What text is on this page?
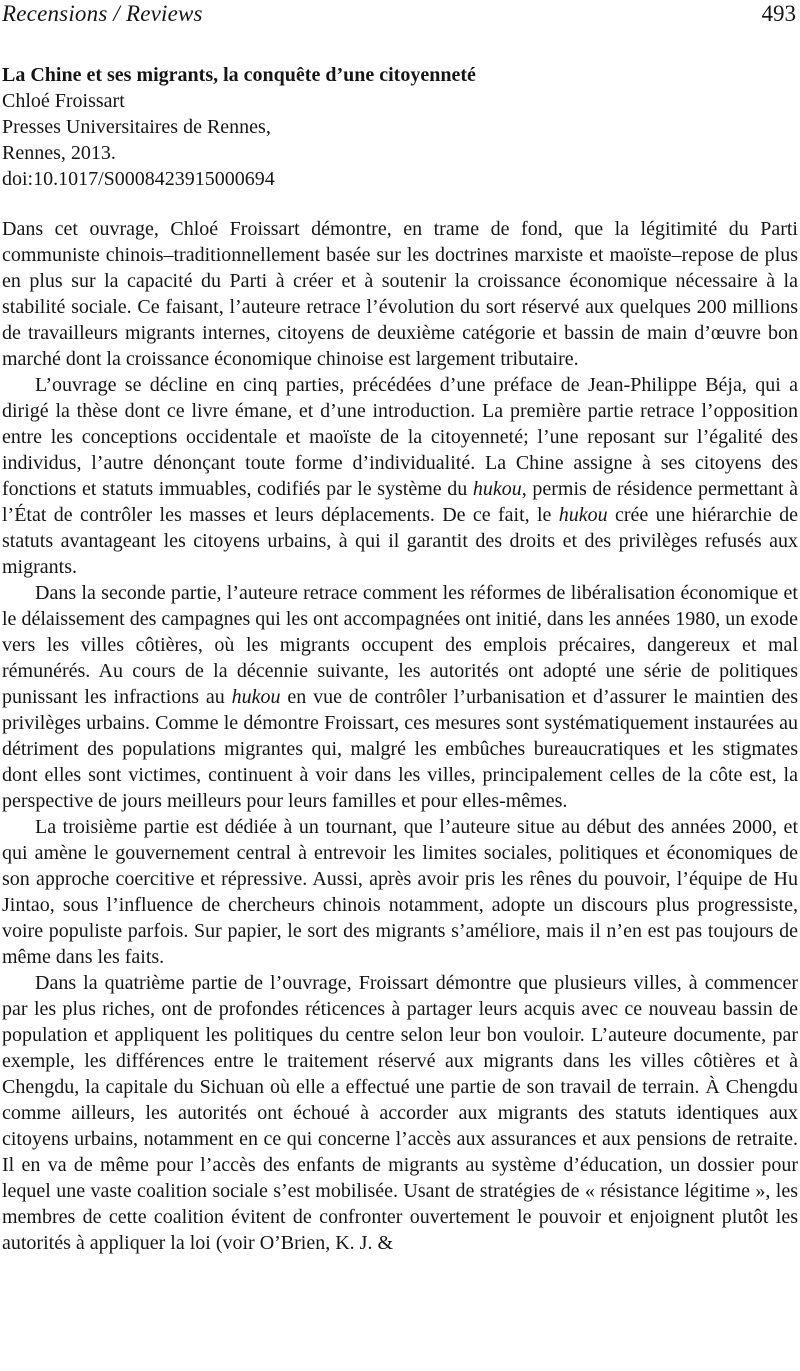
Recensions / Reviews	493
La Chine et ses migrants, la conquête d’une citoyenneté
Chloé Froissart
Presses Universitaires de Rennes,
Rennes, 2013.
doi:10.1017/S0008423915000694

Dans cet ouvrage, Chloé Froissart démontre, en trame de fond, que la légitimité du Parti communiste chinois–traditionnellement basée sur les doctrines marxiste et maoïste–repose de plus en plus sur la capacité du Parti à créer et à soutenir la croissance économique nécessaire à la stabilité sociale. Ce faisant, l’auteure retrace l’évolution du sort réservé aux quelques 200 millions de travailleurs migrants internes, citoyens de deuxième catégorie et bassin de main d’œuvre bon marché dont la croissance économique chinoise est largement tributaire.

L’ouvrage se décline en cinq parties, précédées d’une préface de Jean-Philippe Béja, qui a dirigé la thèse dont ce livre émane, et d’une introduction. La première partie retrace l’opposition entre les conceptions occidentale et maoïste de la citoyenneté; l’une reposant sur l’égalité des individus, l’autre dénonçant toute forme d’individualité. La Chine assigne à ses citoyens des fonctions et statuts immuables, codifiés par le système du hukou, permis de résidence permettant à l’État de contrôler les masses et leurs déplacements. De ce fait, le hukou crée une hiérarchie de statuts avantageant les citoyens urbains, à qui il garantit des droits et des privilèges refusés aux migrants.

Dans la seconde partie, l’auteure retrace comment les réformes de libéralisation économique et le délaissement des campagnes qui les ont accompagnées ont initié, dans les années 1980, un exode vers les villes côtières, où les migrants occupent des emplois précaires, dangereux et mal rémunérés. Au cours de la décennie suivante, les autorités ont adopté une série de politiques punissant les infractions au hukou en vue de contrôler l’urbanisation et d’assurer le maintien des privilèges urbains. Comme le démontre Froissart, ces mesures sont systématiquement instaurées au détriment des populations migrantes qui, malgré les embûches bureaucratiques et les stigmates dont elles sont victimes, continuent à voir dans les villes, principalement celles de la côte est, la perspective de jours meilleurs pour leurs familles et pour elles-mêmes.

La troisième partie est dédiée à un tournant, que l’auteure situe au début des années 2000, et qui amène le gouvernement central à entrevoir les limites sociales, politiques et économiques de son approche coercitive et répressive. Aussi, après avoir pris les rênes du pouvoir, l’équipe de Hu Jintao, sous l’influence de chercheurs chinois notamment, adopte un discours plus progressiste, voire populiste parfois. Sur papier, le sort des migrants s’améliore, mais il n’en est pas toujours de même dans les faits.

Dans la quatrième partie de l’ouvrage, Froissart démontre que plusieurs villes, à commencer par les plus riches, ont de profondes réticences à partager leurs acquis avec ce nouveau bassin de population et appliquent les politiques du centre selon leur bon vouloir. L’auteure documente, par exemple, les différences entre le traitement réservé aux migrants dans les villes côtières et à Chengdu, la capitale du Sichuan où elle a effectué une partie de son travail de terrain. À Chengdu comme ailleurs, les autorités ont échoué à accorder aux migrants des statuts identiques aux citoyens urbains, notamment en ce qui concerne l’accès aux assurances et aux pensions de retraite. Il en va de même pour l’accès des enfants de migrants au système d’éducation, un dossier pour lequel une vaste coalition sociale s’est mobilisée. Usant de stratégies de « résistance légitime », les membres de cette coalition évitent de confronter ouvertement le pouvoir et enjoignent plutôt les autorités à appliquer la loi (voir O’Brien, K. J. &
